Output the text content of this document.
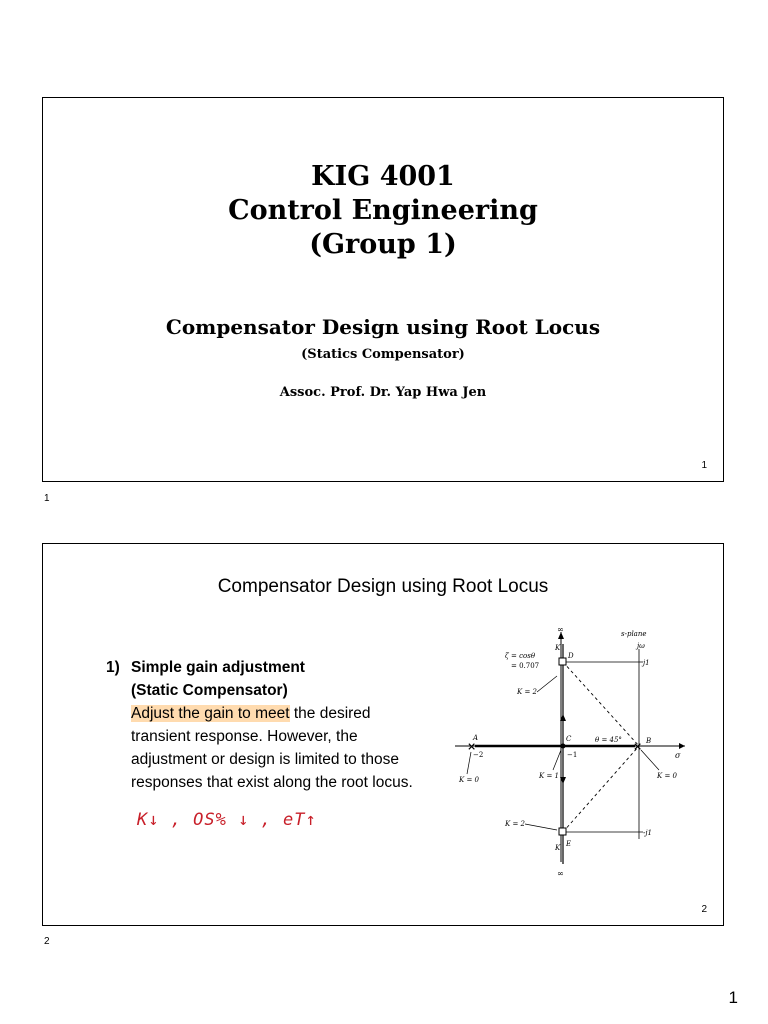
KIG 4001
Control Engineering
(Group 1)
Compensator Design using Root Locus
(Statics Compensator)
Assoc. Prof. Dr. Yap Hwa Jen
1
1
Compensator Design using Root Locus
1) Simple gain adjustment
(Static Compensator)
Adjust the gain to meet the desired transient response. However, the adjustment or design is limited to those responses that exist along the root locus.
K↓ , OS% ↓ , eT↑
×	×
s-plane
jω
j1
-j1
σ
ζ = cosθ
= 0.707
θ = 45°
A	B
C
D
E
−2	−1
∞
K
K
∞
K = 2
K = 2
K = 0	K = 0
K = 1
2
2
1
